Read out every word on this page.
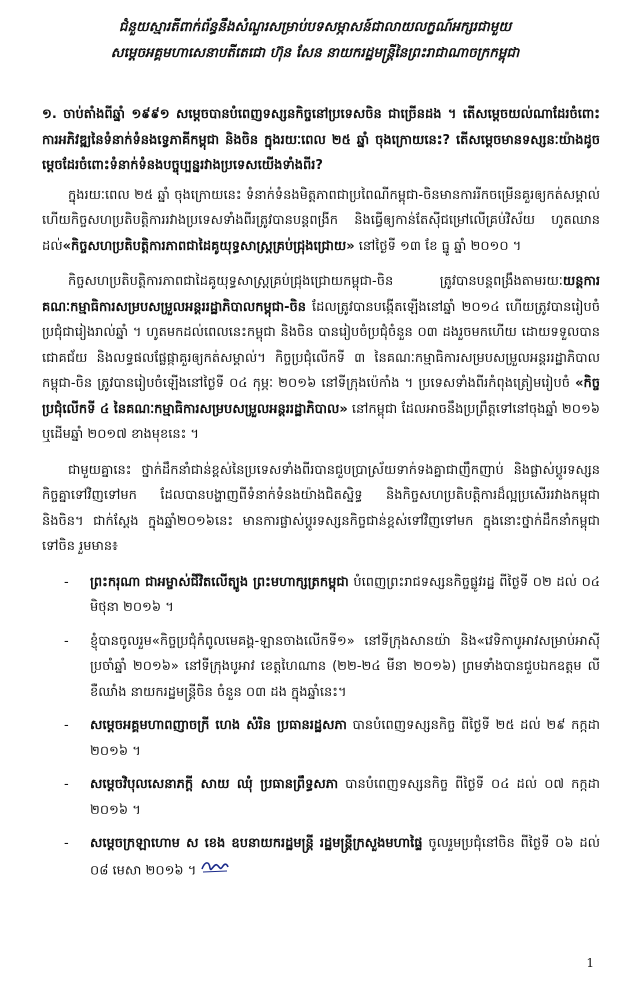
ជំនួយស្មារតីពាក់ព័ន្ធនឹងសំណួរសម្រាប់បទសម្ភាសន៍ជាលាយលក្ខណ៍អក្សរជាមួយ
សម្ដេចអគ្គមហាសេនាបតីតេជោ ហ៊ុន សែន នាយករដ្ឋមន្ត្រីនៃព្រះរាជាណាចក្រកម្ពុជា

១. ចាប់តាំងពីឆ្នាំ ១៩៩១ សម្ដេចបានបំពេញទស្សនកិច្ចនៅប្រទេសចិន ជាច្រើនដង ។ តើសម្ដេចយល់ណាដែរចំពោះការអភិវឌ្ឍនៃទំនាក់ទំនងទ្វេភាគីកម្ពុជា និងចិន ក្នុងរយៈពេល ២៥ ឆ្នាំ ចុងក្រោយនេះ? តើសម្ដេចមានទស្សនៈយ៉ាងដូចម្ដេចដែរចំពោះទំនាក់ទំនងបច្ចុប្បន្នរវាងប្រទេសយើងទាំងពីរ?

ក្នុងរយៈពេល ២៥ ឆ្នាំ ចុងក្រោយនេះ ទំនាក់ទំនងមិត្តភាពជាប្រពៃណីកម្ពុជា-ចិនមានការរីកចម្រើនគួរឲ្យកត់សម្គាល់ ហើយកិច្ចសហប្រតិបត្តិការរវាងប្រទេសទាំងពីរត្រូវបានបន្តពង្រីក និងធ្វើឲ្យកាន់តែស៊ីជម្រៅលើគ្រប់វិស័យ ហូតឈានដល់«កិច្ចសហប្រតិបត្តិការភាពជាដៃគូយុទ្ធសាស្ត្រគ្រប់ជ្រុងជ្រោយ» នៅថ្ងៃទី ១៣ ខែ ធ្នូ ឆ្នាំ ២០១០ ។

កិច្ចសហប្រតិបត្តិការភាពជាដៃគូយុទ្ធសាស្ត្រគ្រប់ជ្រុងជ្រោយកម្ពុជា-ចិន ត្រូវបានបន្តពង្រឹងតាមរយៈយន្តការគណៈកម្មាធិការសម្របសម្រួលអន្តររដ្ឋាភិបាលកម្ពុជា-ចិន ដែលត្រូវបានបង្កើតឡើងនៅឆ្នាំ ២០១៤ ហើយត្រូវបានរៀបចំប្រជុំជារៀងរាល់ឆ្នាំ ។ ហូតមកដល់ពេលនេះកម្ពុជា និងចិន បានរៀបចំប្រជុំចំនួន ០៣ ដងរួចមកហើយ ដោយទទួលបានជោគជ័យ និងលទ្ធផលផ្លែផ្កាគួរឲ្យកត់សម្គាល់។ កិច្ចប្រជុំលើកទី ៣ នៃគណៈកម្មាធិការសម្របសម្រួលអន្តររដ្ឋាភិបាលកម្ពុជា-ចិន ត្រូវបានរៀបចំឡើងនៅថ្ងៃទី ០៤ កុម្ភៈ ២០១៦ នៅទីក្រុងប៉េកាំង ។ ប្រទេសទាំងពីរកំពុងត្រៀមរៀបចំ «កិច្ចប្រជុំលើកទី ៤ នៃគណៈកម្មាធិការសម្របសម្រួលអន្តររដ្ឋាភិបាល» នៅកម្ពុជា ដែលអាចនឹងប្រព្រឹត្តទៅនៅចុងឆ្នាំ ២០១៦ ឬដើមឆ្នាំ ២០១៧ ខាងមុខនេះ ។

ជាមួយគ្នានេះ ថ្នាក់ដឹកនាំជាន់ខ្ពស់នៃប្រទេសទាំងពីរបានជួបប្រាស្រ័យទាក់ទងគ្នាជាញឹកញាប់ និងផ្លាស់ប្ដូរទស្សនកិច្ចគ្នាទៅវិញទៅមក ដែលបានបង្ហាញពីទំនាក់ទំនងយ៉ាងជិតស្និទ្ធ និងកិច្ចសហប្រតិបត្តិការដ៏ល្អប្រសើររវាងកម្ពុជា និងចិន។ ជាក់ស្ដែង ក្នុងឆ្នាំ២០១៦នេះ មានការផ្លាស់ប្ដូរទស្សនកិច្ចជាន់ខ្ពស់ទៅវិញទៅមក ក្នុងនោះថ្នាក់ដឹកនាំកម្ពុជា ទៅចិន រួមមាន៖

- ព្រះករុណា ជាអម្ចាស់ជីវិតលើត្បូង ព្រះមហាក្សត្រកម្ពុជា បំពេញព្រះរាជទស្សនកិច្ចផ្លូវរដ្ឋ ពីថ្ងៃទី ០២ ដល់ ០៤ មិថុនា ២០១៦ ។
- ខ្ញុំបានចូលរួម«កិច្ចប្រជុំកំពូលមេគង្គ-ឡានចាងលើកទី១» នៅទីក្រុងសានយ៉ា និង«វេទិកាបូអាវសម្រាប់អាស៊ី ប្រចាំឆ្នាំ ២០១៦» នៅទីក្រុងបូអាវ ខេត្តហៃណាន (២២-២៤ មីនា ២០១៦) ព្រមទាំងបានជួបឯកឧត្ដម លី ខឺឈាំង នាយករដ្ឋមន្ត្រីចិន ចំនួន ០៣ ដង ក្នុងឆ្នាំនេះ។
- សម្ដេចអគ្គមហាពញាចក្រី ហេង សំរិន ប្រធានរដ្ឋសភា បានបំពេញទស្សនកិច្ច ពីថ្ងៃទី ២៥ ដល់ ២៩ កក្កដា ២០១៦ ។
- សម្ដេចវិបុលសេនាភក្ដី សាយ ឈុំ ប្រធានព្រឹទ្ធសភា បានបំពេញទស្សនកិច្ច ពីថ្ងៃទី ០៤ ដល់ ០៧ កក្កដា ២០១៦ ។
- សម្ដេចក្រឡាហោម ស ខេង ឧបនាយករដ្ឋមន្ត្រី រដ្ឋមន្ត្រីក្រសួងមហាផ្ទៃ ចូលរួមប្រជុំនៅចិន ពីថ្ងៃទី ០៦ ដល់ ០៨ មេសា ២០១៦ ។
1
